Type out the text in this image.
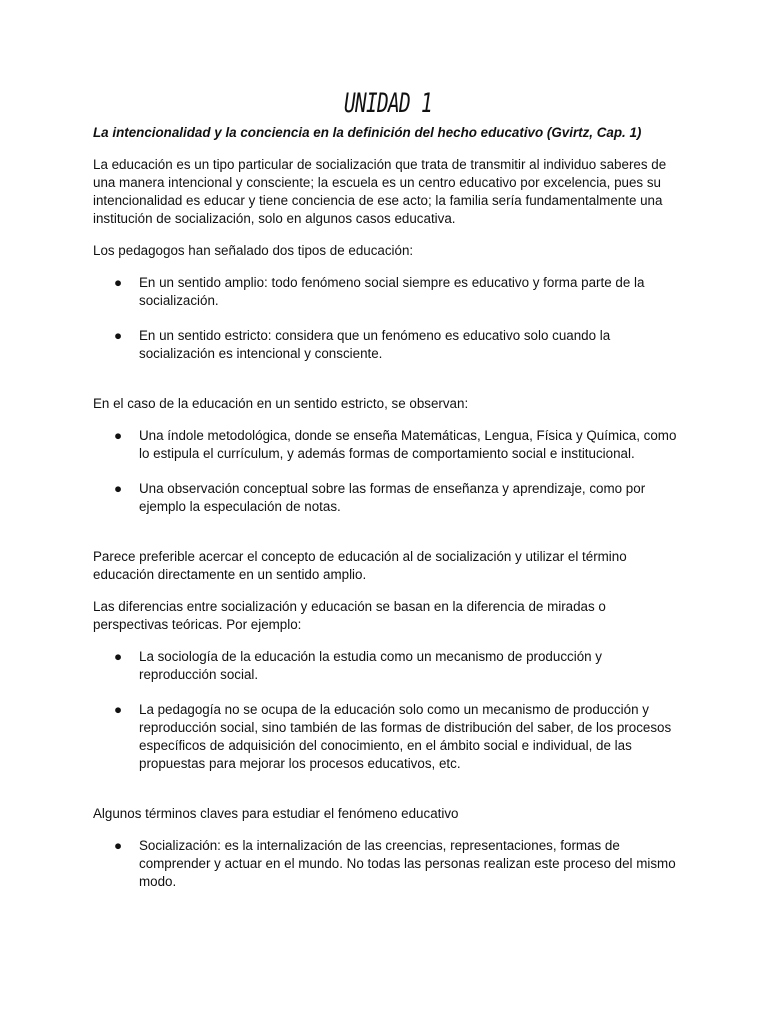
UNIDAD 1
La intencionalidad y la conciencia en la definición del hecho educativo (Gvirtz, Cap. 1)

La educación es un tipo particular de socialización que trata de transmitir al individuo saberes de una manera intencional y consciente; la escuela es un centro educativo por excelencia, pues su intencionalidad es educar y tiene conciencia de ese acto; la familia sería fundamentalmente una institución de socialización, solo en algunos casos educativa.

Los pedagogos han señalado dos tipos de educación:

● En un sentido amplio: todo fenómeno social siempre es educativo y forma parte de la socialización.
● En un sentido estricto: considera que un fenómeno es educativo solo cuando la socialización es intencional y consciente.

En el caso de la educación en un sentido estricto, se observan:

● Una índole metodológica, donde se enseña Matemáticas, Lengua, Física y Química, como lo estipula el currículum, y además formas de comportamiento social e institucional.
● Una observación conceptual sobre las formas de enseñanza y aprendizaje, como por ejemplo la especulación de notas.

Parece preferible acercar el concepto de educación al de socialización y utilizar el término educación directamente en un sentido amplio.

Las diferencias entre socialización y educación se basan en la diferencia de miradas o perspectivas teóricas. Por ejemplo:

● La sociología de la educación la estudia como un mecanismo de producción y reproducción social.
● La pedagogía no se ocupa de la educación solo como un mecanismo de producción y reproducción social, sino también de las formas de distribución del saber, de los procesos específicos de adquisición del conocimiento, en el ámbito social e individual, de las propuestas para mejorar los procesos educativos, etc.

Algunos términos claves para estudiar el fenómeno educativo

● Socialización: es la internalización de las creencias, representaciones, formas de comprender y actuar en el mundo. No todas las personas realizan este proceso del mismo modo.
